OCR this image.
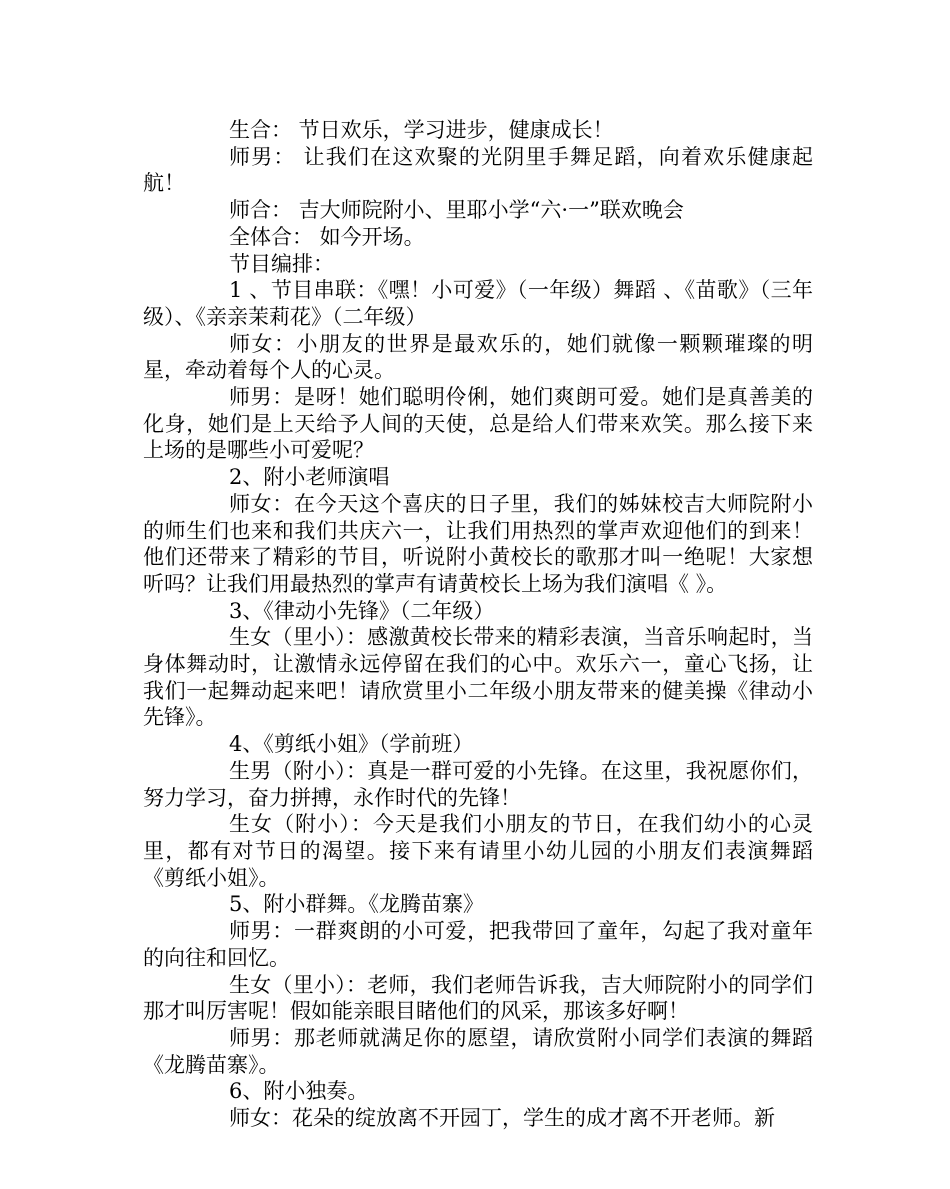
生合： 节日欢乐，学习进步，健康成长！

师男： 让我们在这欢聚的光阴里手舞足蹈，向着欢乐健康起航！

师合： 吉大师院附小、里耶小学“六·一”联欢晚会

全体合： 如今开场。

节目编排：

1 、节目串联：《嘿！小可爱》（一年级）舞蹈 、《苗歌》（三年级）、《亲亲茉莉花》（二年级）

师女：小朋友的世界是最欢乐的，她们就像一颗颗璀璨的明星，牵动着每个人的心灵。

师男：是呀！她们聪明伶俐，她们爽朗可爱。她们是真善美的化身，她们是上天给予人间的天使，总是给人们带来欢笑。那么接下来上场的是哪些小可爱呢？

2、附小老师演唱

师女：在今天这个喜庆的日子里，我们的姊妹校吉大师院附小的师生们也来和我们共庆六一，让我们用热烈的掌声欢迎他们的到来！他们还带来了精彩的节目，听说附小黄校长的歌那才叫一绝呢！大家想听吗？让我们用最热烈的掌声有请黄校长上场为我们演唱《 》。

3、《律动小先锋》（二年级）

生女（里小）：感激黄校长带来的精彩表演，当音乐响起时，当身体舞动时，让激情永远停留在我们的心中。欢乐六一，童心飞扬，让我们一起舞动起来吧！请欣赏里小二年级小朋友带来的健美操《律动小先锋》。

4、《剪纸小姐》（学前班）

生男（附小）：真是一群可爱的小先锋。在这里，我祝愿你们，努力学习，奋力拼搏，永作时代的先锋！

生女（附小）：今天是我们小朋友的节日，在我们幼小的心灵里，都有对节日的渴望。接下来有请里小幼儿园的小朋友们表演舞蹈《剪纸小姐》。

5、附小群舞。《龙腾苗寨》

师男：一群爽朗的小可爱，把我带回了童年，勾起了我对童年的向往和回忆。

生女（里小）：老师，我们老师告诉我，吉大师院附小的同学们那才叫厉害呢！假如能亲眼目睹他们的风采，那该多好啊！

师男：那老师就满足你的愿望，请欣赏附小同学们表演的舞蹈《龙腾苗寨》。

6、附小独奏。

师女：花朵的绽放离不开园丁，学生的成才离不开老师。新
